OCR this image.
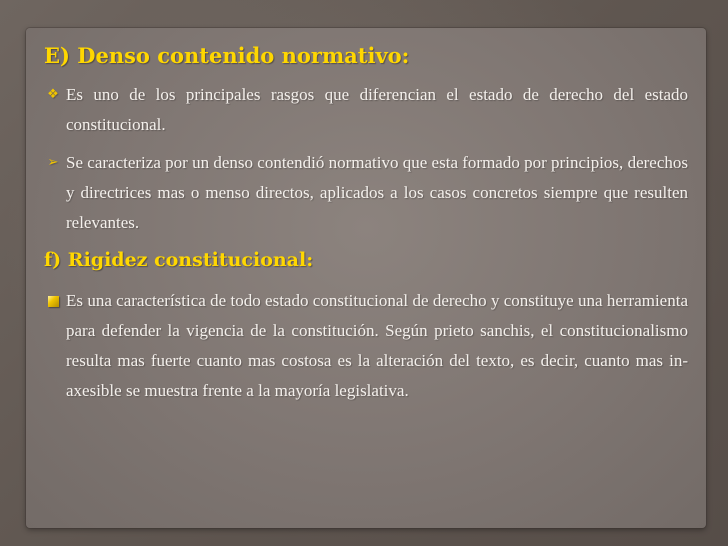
E) Denso contenido normativo:

❖ Es uno de los principales rasgos que diferencian el estado de derecho del estado constitucional.

➢ Se caracteriza por un denso contendió normativo que esta formado por principios, derechos y directrices mas o menso directos, aplicados a los casos concretos siempre que resulten relevantes.

f) Rigidez constitucional:

Es una característica de todo estado constitucional de derecho y constituye una herramienta para defender la vigencia de la constitución. Según prieto sanchis, el constitucionalismo resulta mas fuerte cuanto mas costosa es la alteración del texto, es decir, cuanto mas in-axesible se muestra frente a la mayoría legislativa.
